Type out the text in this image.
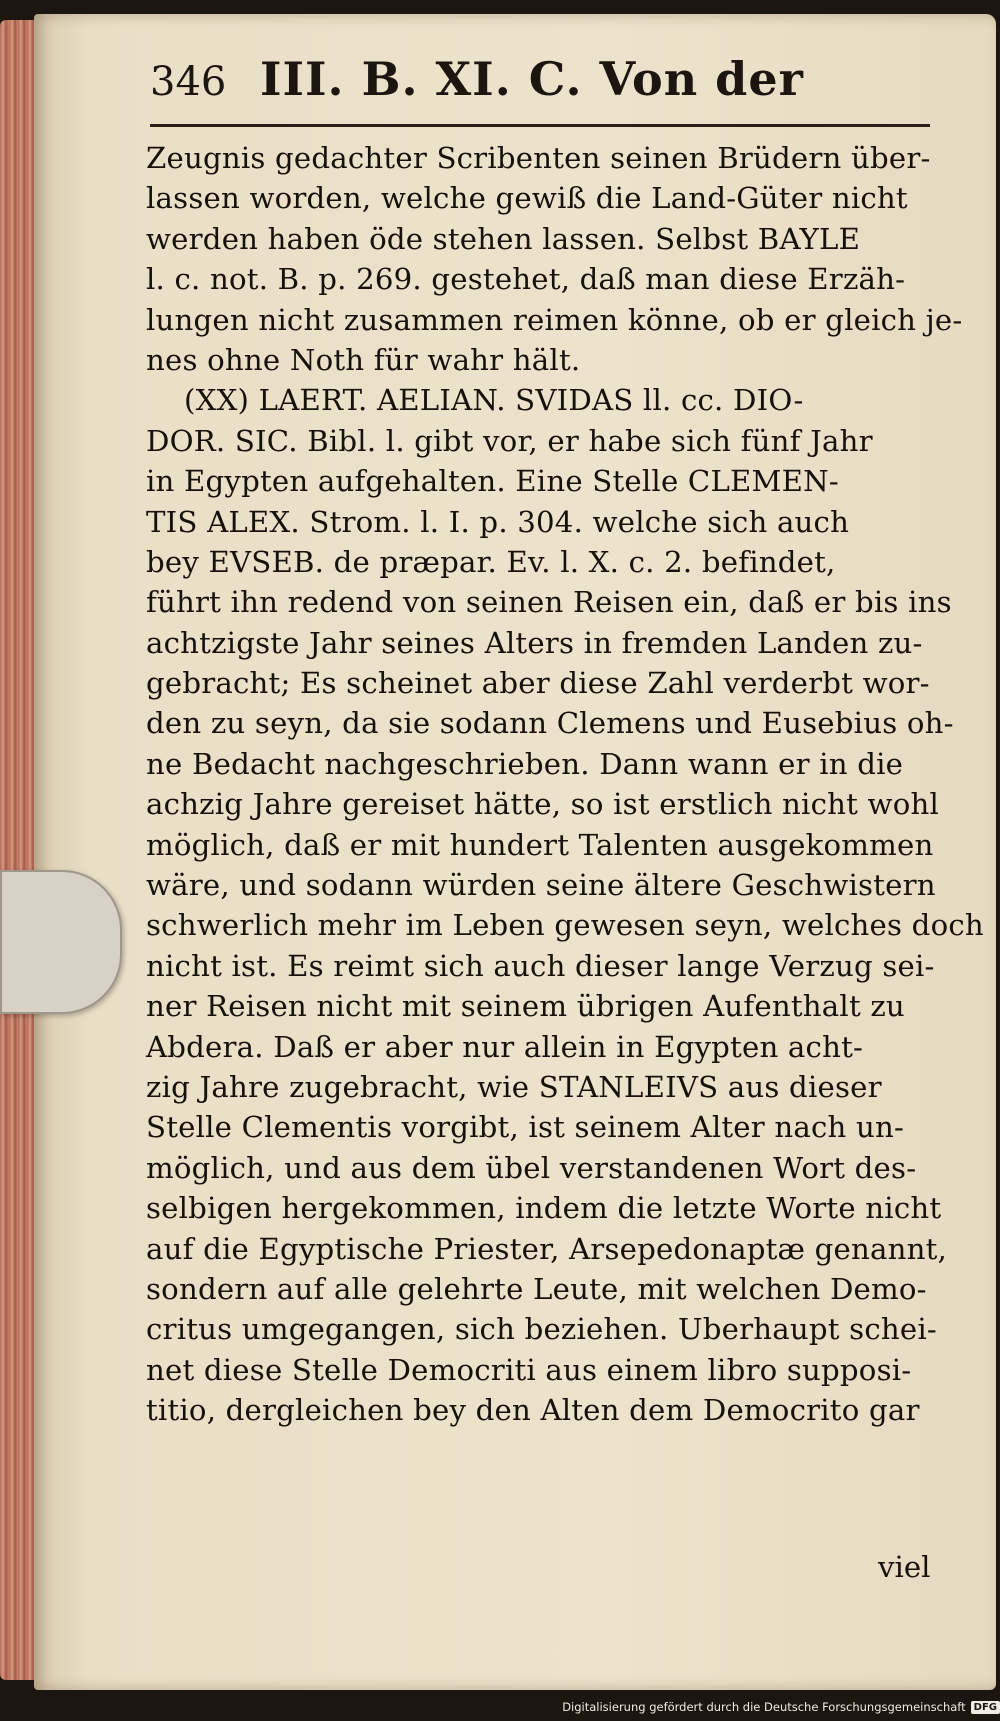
346 III. B. XI. C. Von der
Zeugnis gedachter Scribenten seinen Brüdern über-
lassen worden, welche gewiß die Land-Güter nicht
werden haben öde stehen lassen. Selbst BAYLE
l. c. not. B. p. 269. gestehet, daß man diese Erzäh-
lungen nicht zusammen reimen könne, ob er gleich je-
nes ohne Noth für wahr hält.
(XX) LAERT. AELIAN. SVIDAS ll. cc. DIO-
DOR. SIC. Bibl. l. gibt vor, er habe sich fünf Jahr
in Egypten aufgehalten. Eine Stelle CLEMEN-
TIS ALEX. Strom. l. I. p. 304. welche sich auch
bey EVSEB. de præpar. Ev. l. X. c. 2. befindet,
führt ihn redend von seinen Reisen ein, daß er bis ins
achtzigste Jahr seines Alters in fremden Landen zu-
gebracht; Es scheinet aber diese Zahl verderbt wor-
den zu seyn, da sie sodann Clemens und Eusebius oh-
ne Bedacht nachgeschrieben. Dann wann er in die
achzig Jahre gereiset hätte, so ist erstlich nicht wohl
möglich, daß er mit hundert Talenten ausgekommen
wäre, und sodann würden seine ältere Geschwistern
schwerlich mehr im Leben gewesen seyn, welches doch
nicht ist. Es reimt sich auch dieser lange Verzug sei-
ner Reisen nicht mit seinem übrigen Aufenthalt zu
Abdera. Daß er aber nur allein in Egypten acht-
zig Jahre zugebracht, wie STANLEIVS aus dieser
Stelle Clementis vorgibt, ist seinem Alter nach un-
möglich, und aus dem übel verstandenen Wort des-
selbigen hergekommen, indem die letzte Worte nicht
auf die Egyptische Priester, Arsepedonaptæ genannt,
sondern auf alle gelehrte Leute, mit welchen Demo-
critus umgegangen, sich beziehen. Uberhaupt schei-
net diese Stelle Democriti aus einem libro supposi-
titio, dergleichen bey den Alten dem Democrito gar
viel
Digitalisierung gefördert durch die Deutsche Forschungsgemeinschaft DFG
